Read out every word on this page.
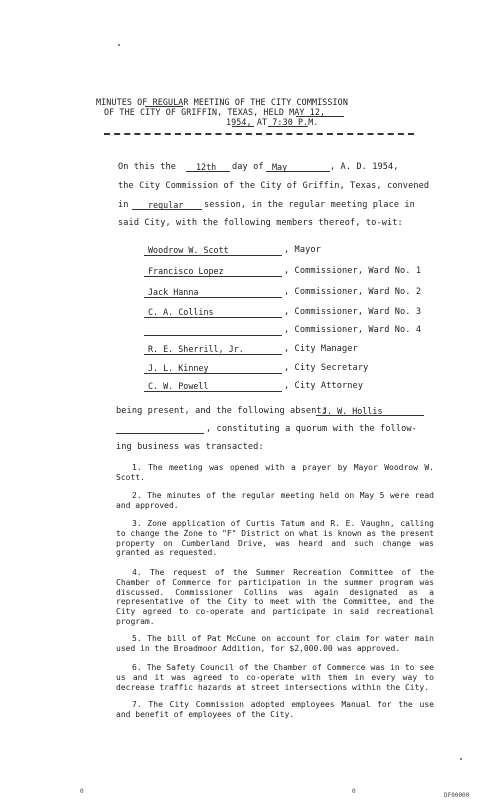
MINUTES OF REGULAR MEETING OF THE CITY COMMISSION
OF THE CITY OF GRIFFIN, TEXAS, HELD MAY 12,
1954, AT 7:30 P.M.
On this the 12th day of May	, A. D. 1954,
the City Commission of the City of Griffin, Texas, convened
in regular session, in the regular meeting place in
said City, with the following members thereof, to-wit:
Woodrow W. Scott	, Mayor
Francisco Lopez	, Commissioner, Ward No. 1
Jack Hanna	, Commissioner, Ward No. 2
C. A. Collins	, Commissioner, Ward No. 3
, Commissioner, Ward No. 4
R. E. Sherrill, Jr.	, City Manager
J. L. Kinney	, City Secretary
C. W. Powell	, City Attorney
being present, and the following absent:
J. W. Hollis
, constituting a quorum with the follow-
ing business was transacted:
1. The meeting was opened with a prayer by Mayor Woodrow W. Scott.
2. The minutes of the regular meeting held on May 5 were read and approved.
3. Zone application of Curtis Tatum and R. E. Vaughn, calling to change the Zone to "F" District on what is known as the present property on Cumberland Drive, was heard and such change was granted as requested.
4. The request of the Summer Recreation Committee of the Chamber of Commerce for participation in the summer program was discussed. Commissioner Collins was again designated as a representative of the City to meet with the Committee, and the City agreed to co-operate and participate in said recreational program.
5. The bill of Pat McCune on account for claim for water main used in the Broadmoor Addition, for $2,000.00 was approved.
6. The Safety Council of the Chamber of Commerce was in to see us and it was agreed to co-operate with them in every way to decrease traffic hazards at street intersections within the City.
7. The City Commission adopted employees Manual for the use and benefit of employees of the City.
0	0
DF00000
